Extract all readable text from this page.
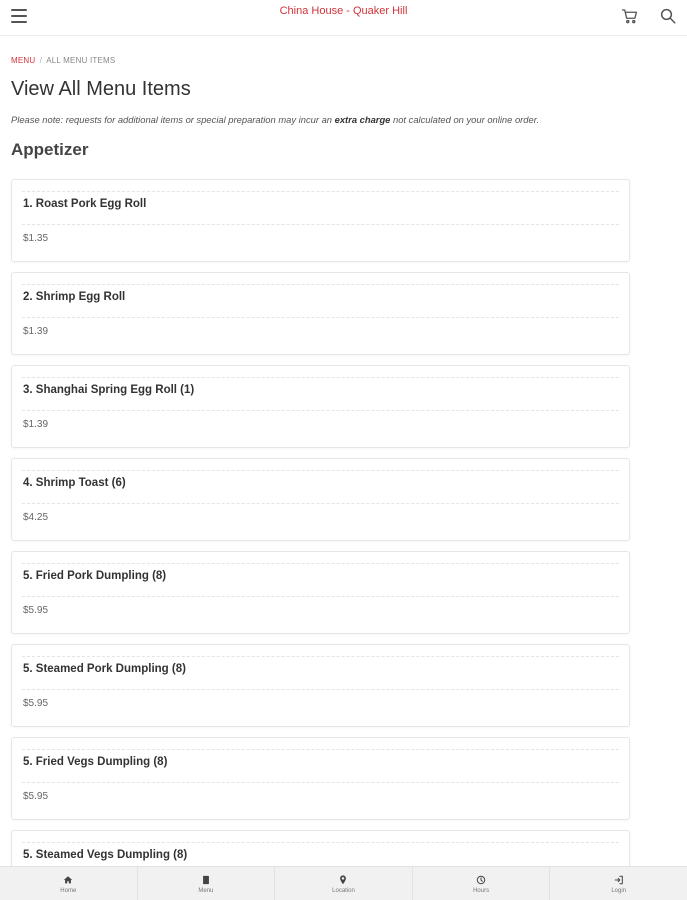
China House - Quaker Hill
MENU / ALL MENU ITEMS
View All Menu Items

Please note: requests for additional items or special preparation may incur an extra charge not calculated on your online order.

Appetizer
1. Roast Pork Egg Roll
$1.35
2. Shrimp Egg Roll
$1.39
3. Shanghai Spring Egg Roll (1)
$1.39
4. Shrimp Toast (6)
$4.25
5. Fried Pork Dumpling (8)
$5.95
5. Steamed Pork Dumpling (8)
$5.95
5. Fried Vegs Dumpling (8)
$5.95
5. Steamed Vegs Dumpling (8)
Home	Menu	Location	Hours	Login
